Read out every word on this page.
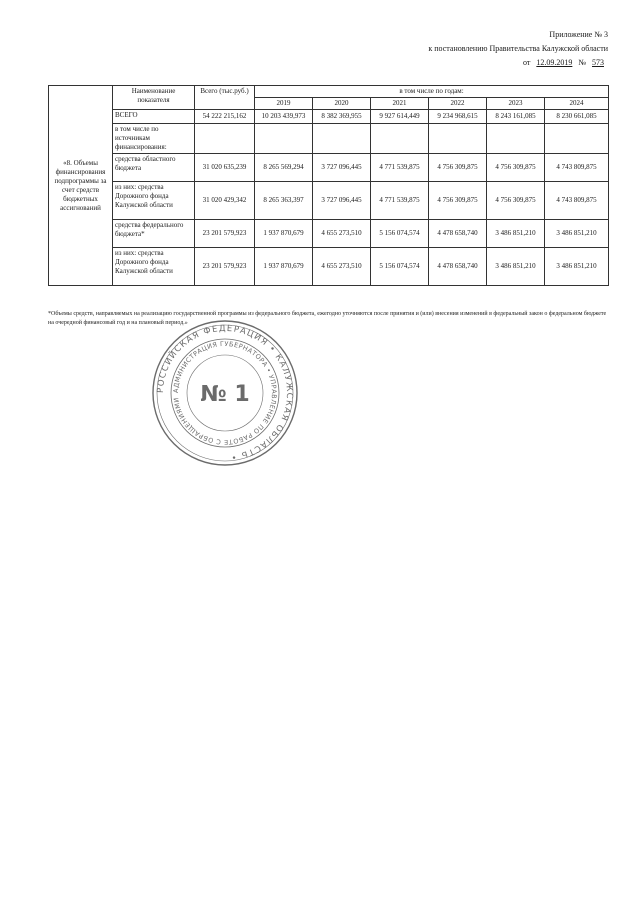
Приложение № 3
к постановлению Правительства Калужской области
от 12.09.2019 № 573
«8. Объемы финансирования подпрограммы за счет средств бюджетных ассигнований	Наименование показателя	Всего (тыс.руб.)	в том числе по годам:					
			2019	2020	2021	2022	2023	2024
	ВСЕГО	54 222 215,162	10 203 439,973	8 382 369,955	9 927 614,449	9 234 968,615	8 243 161,085	8 230 661,085
	в том числе по источникам финансирования:							
	средства областного бюджета	31 020 635,239	8 265 569,294	3 727 096,445	4 771 539,875	4 756 309,875	4 756 309,875	4 743 809,875
	из них: средства Дорожного фонда Калужской области	31 020 429,342	8 265 363,397	3 727 096,445	4 771 539,875	4 756 309,875	4 756 309,875	4 743 809,875
	средства федерального бюджета*	23 201 579,923	1 937 870,679	4 655 273,510	5 156 074,574	4 478 658,740	3 486 851,210	3 486 851,210
	из них: средства Дорожного фонда Калужской области	23 201 579,923	1 937 870,679	4 655 273,510	5 156 074,574	4 478 658,740	3 486 851,210	3 486 851,210
*Объемы средств, направляемых на реализацию государственной программы из федерального бюджета, ежегодно уточняются после принятия и (или) внесения изменений в федеральный закон о федеральном бюджете на очередной финансовый год и на плановый период.»
РОССИЙСКАЯ ФЕДЕРАЦИЯ • КАЛУЖСКАЯ ОБЛАСТЬ •
АДМИНИСТРАЦИЯ ГУБЕРНАТОРА • УПРАВЛЕНИЕ ПО РАБОТЕ С ОБРАЩЕНИЯМИ № 1
